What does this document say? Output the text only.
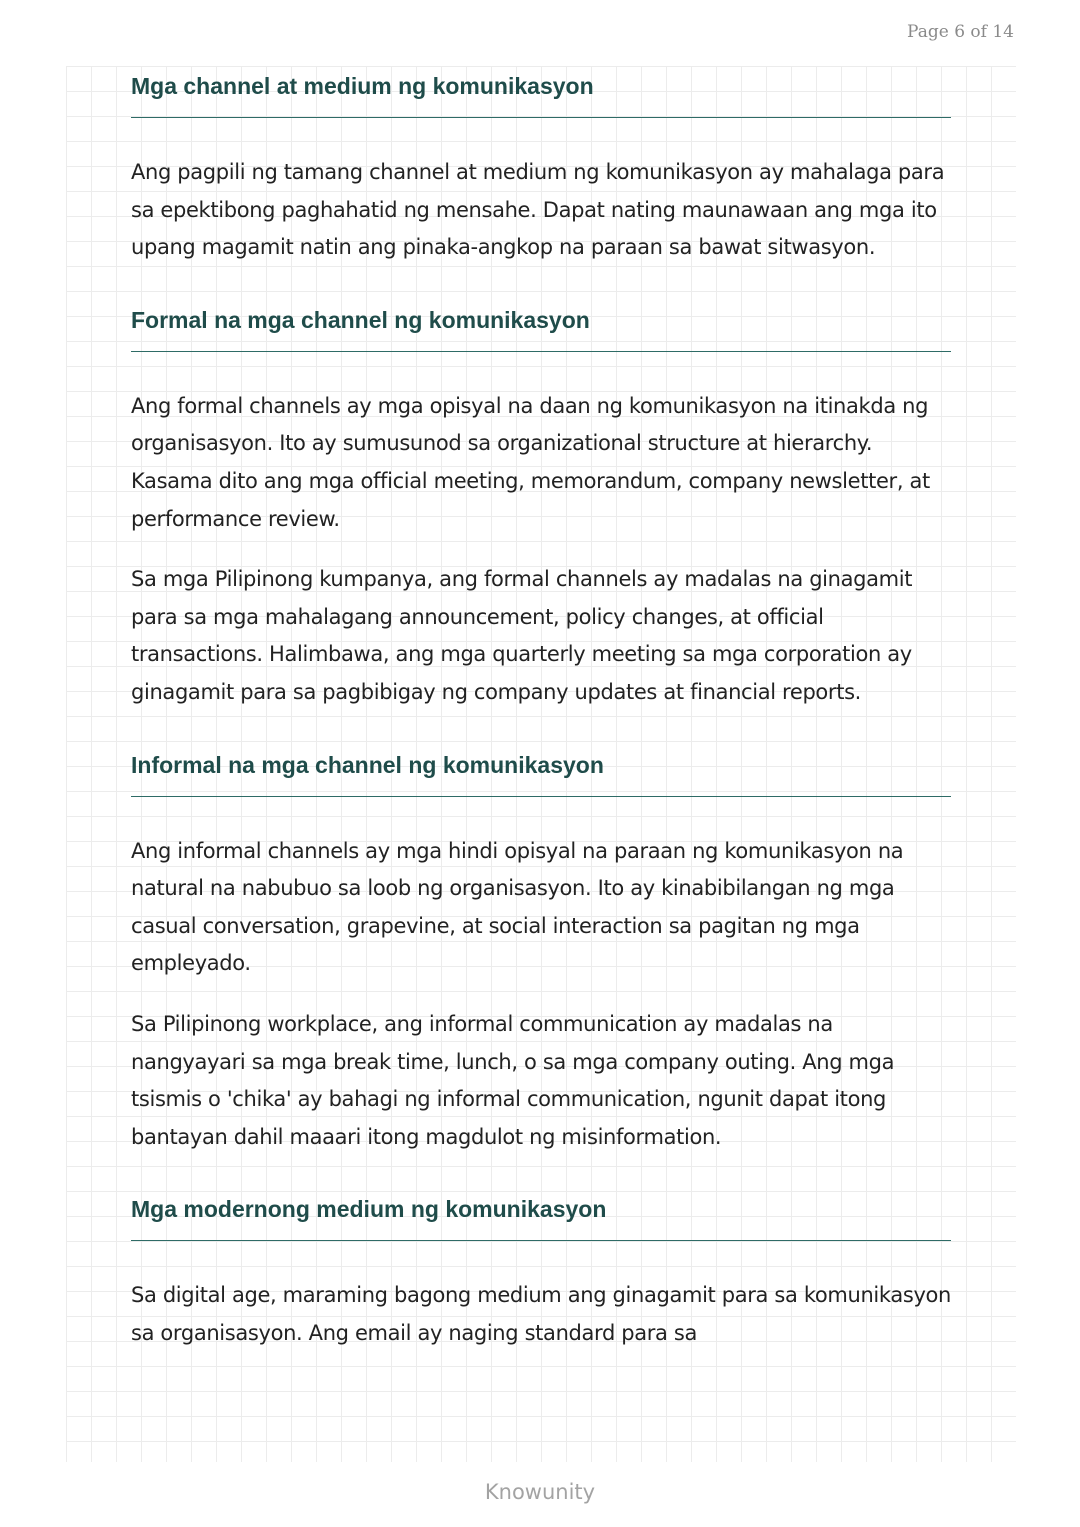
Page 6 of 14
Mga channel at medium ng komunikasyon

Ang pagpili ng tamang channel at medium ng komunikasyon ay mahalaga para sa epektibong paghahatid ng mensahe. Dapat nating maunawaan ang mga ito upang magamit natin ang pinaka-angkop na paraan sa bawat sitwasyon.

Formal na mga channel ng komunikasyon

Ang formal channels ay mga opisyal na daan ng komunikasyon na itinakda ng organisasyon. Ito ay sumusunod sa organizational structure at hierarchy. Kasama dito ang mga official meeting, memorandum, company newsletter, at performance review.

Sa mga Pilipinong kumpanya, ang formal channels ay madalas na ginagamit para sa mga mahalagang announcement, policy changes, at official transactions. Halimbawa, ang mga quarterly meeting sa mga corporation ay ginagamit para sa pagbibigay ng company updates at financial reports.

Informal na mga channel ng komunikasyon

Ang informal channels ay mga hindi opisyal na paraan ng komunikasyon na natural na nabubuo sa loob ng organisasyon. Ito ay kinabibilangan ng mga casual conversation, grapevine, at social interaction sa pagitan ng mga empleyado.

Sa Pilipinong workplace, ang informal communication ay madalas na nangyayari sa mga break time, lunch, o sa mga company outing. Ang mga tsismis o 'chika' ay bahagi ng informal communication, ngunit dapat itong bantayan dahil maaari itong magdulot ng misinformation.

Mga modernong medium ng komunikasyon

Sa digital age, maraming bagong medium ang ginagamit para sa komunikasyon sa organisasyon. Ang email ay naging standard para sa

Knowunity
